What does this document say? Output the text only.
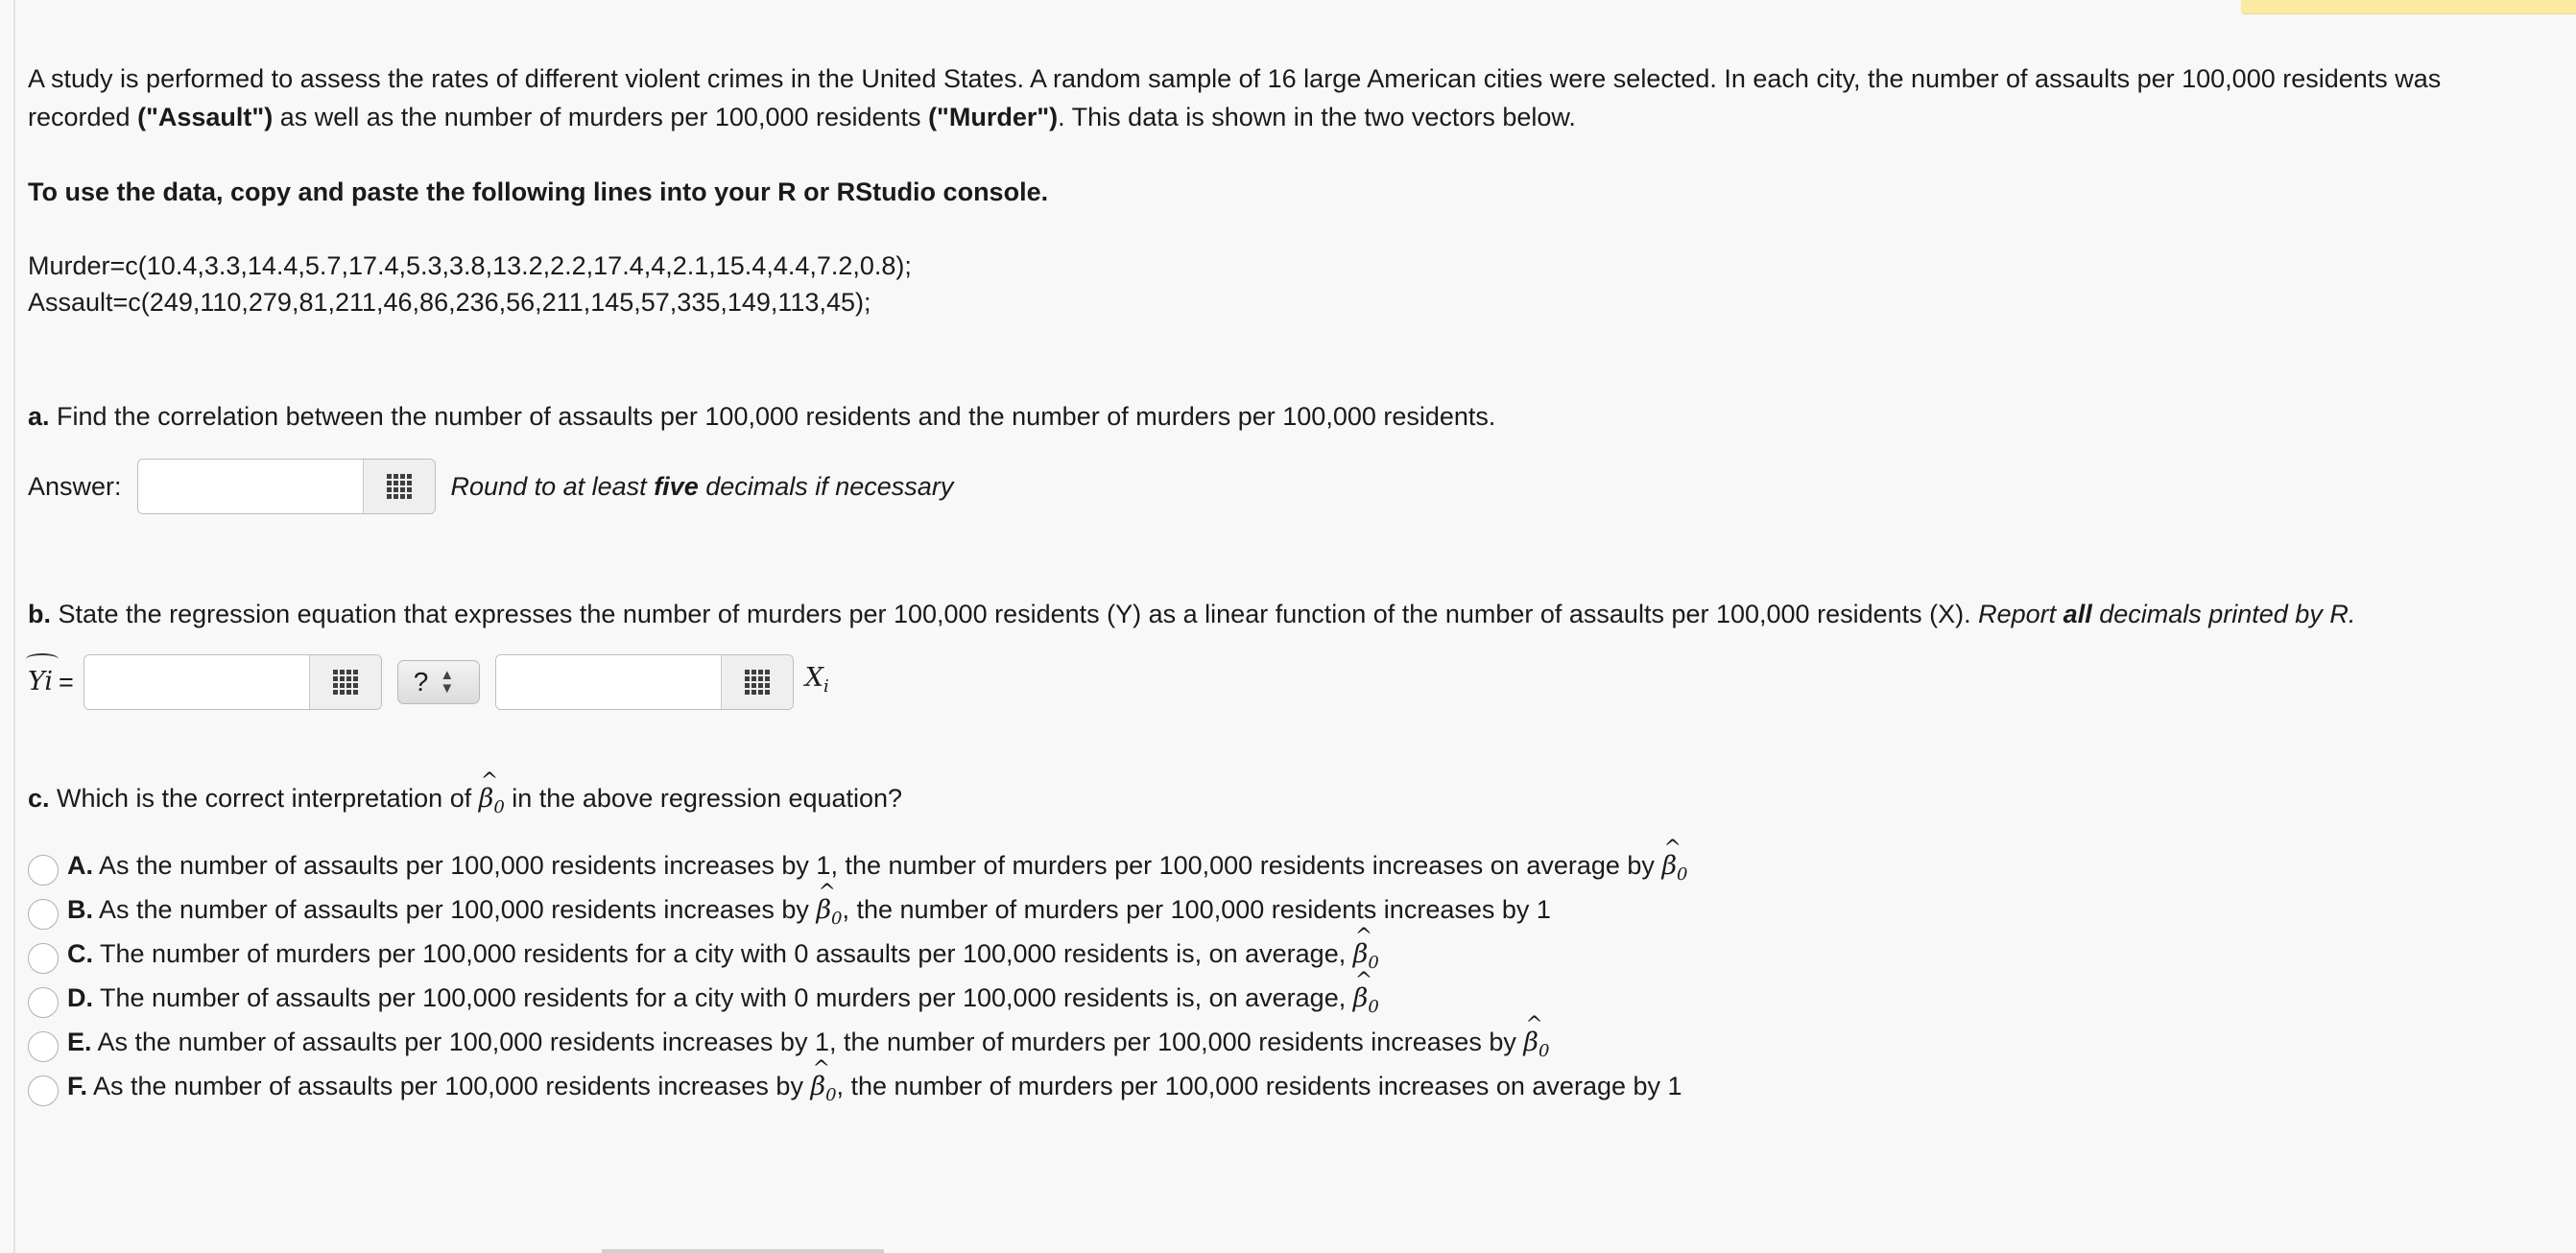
A study is performed to assess the rates of different violent crimes in the United States. A random sample of 16 large American cities were selected. In each city, the number of assaults per 100,000 residents was
recorded ("Assault") as well as the number of murders per 100,000 residents ("Murder"). This data is shown in the two vectors below.

To use the data, copy and paste the following lines into your R or RStudio console.

Murder=c(10.4,3.3,14.4,5.7,17.4,5.3,3.8,13.2,2.2,17.4,4,2.1,15.4,4.4,7.2,0.8);
Assault=c(249,110,279,81,211,46,86,236,56,211,145,57,335,149,113,45);

a. Find the correlation between the number of assaults per 100,000 residents and the number of murders per 100,000 residents.

Answer:	Round to at least five decimals if necessary

b. State the regression equation that expresses the number of murders per 100,000 residents (Y) as a linear function of the number of assaults per 100,000 residents (X). Report all decimals printed by R.

Yi =	? ▲
▼	$X_i$

c. Which is the correct interpretation of ^ $\beta_0$ in the above regression equation?

A. As the number of assaults per 100,000 residents increases by 1, the number of murders per 100,000 residents increases on average by ^ $\beta_0$
B. As the number of assaults per 100,000 residents increases by ^ $\beta_0$, the number of murders per 100,000 residents increases by 1
C. The number of murders per 100,000 residents for a city with 0 assaults per 100,000 residents is, on average, ^ $\beta_0$
D. The number of assaults per 100,000 residents for a city with 0 murders per 100,000 residents is, on average, ^ $\beta_0$
E. As the number of assaults per 100,000 residents increases by 1, the number of murders per 100,000 residents increases by ^ $\beta_0$
F. As the number of assaults per 100,000 residents increases by ^ $\beta_0$, the number of murders per 100,000 residents increases on average by 1
